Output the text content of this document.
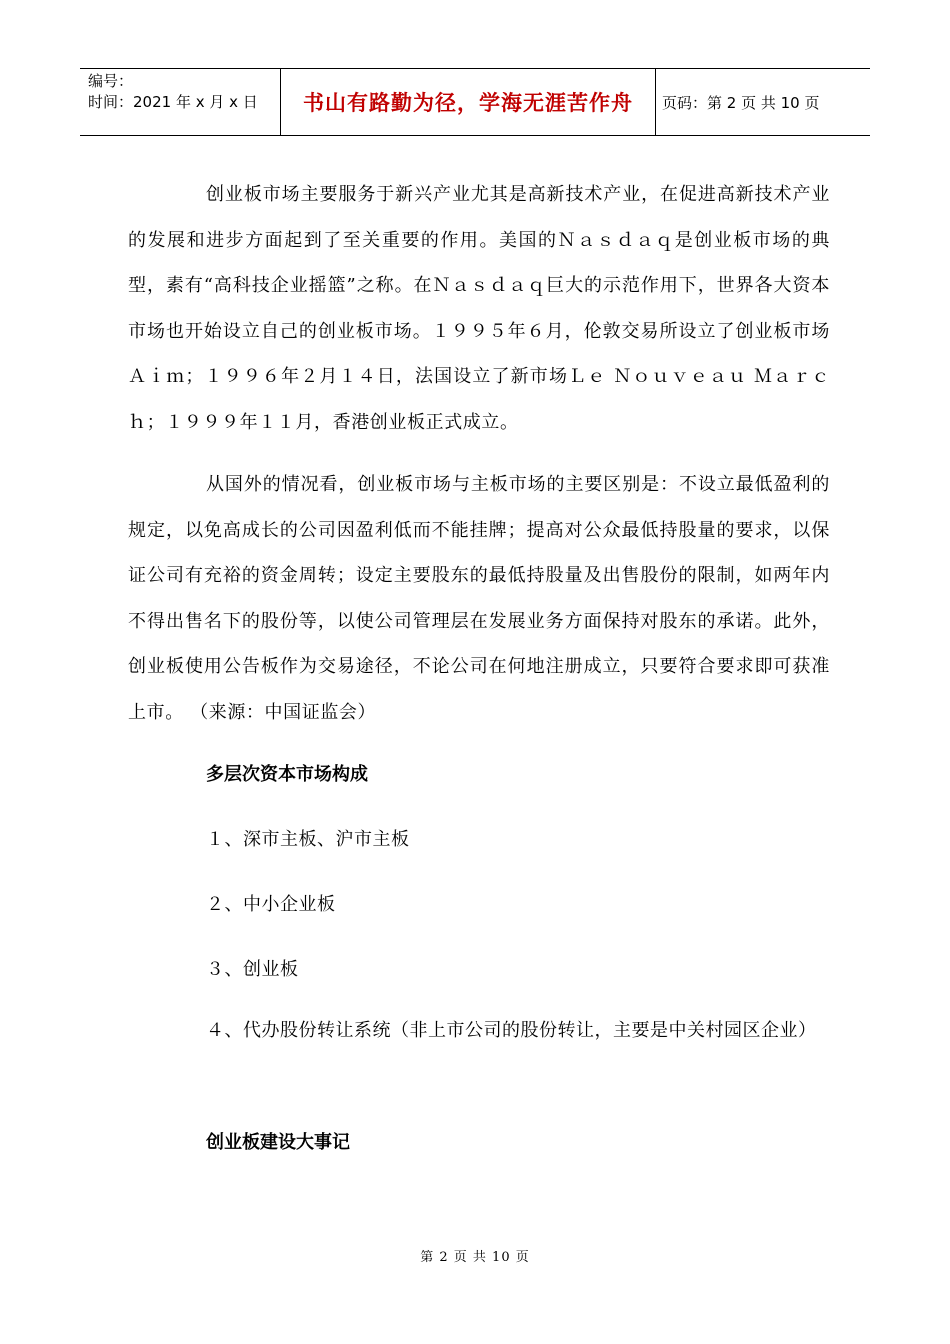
编号：
时间：2021 年 x 月 x 日	书山有路勤为径，学海无涯苦作舟	页码：第 2 页 共 10 页

创业板市场主要服务于新兴产业尤其是高新技术产业，在促进高新技术产业的发展和进步方面起到了至关重要的作用。美国的Ｎａｓｄａｑ是创业板市场的典型，素有“高科技企业摇篮”之称。在Ｎａｓｄａｑ巨大的示范作用下，世界各大资本市场也开始设立自己的创业板市场。１９９５年６月，伦敦交易所设立了创业板市场Ａｉｍ；１９９６年２月１４日，法国设立了新市场Ｌｅ Ｎｏｕｖｅａｕ Ｍａｒｃｈ；１９９９年１１月，香港创业板正式成立。

从国外的情况看，创业板市场与主板市场的主要区别是：不设立最低盈利的规定，以免高成长的公司因盈利低而不能挂牌；提高对公众最低持股量的要求，以保证公司有充裕的资金周转；设定主要股东的最低持股量及出售股份的限制，如两年内不得出售名下的股份等，以使公司管理层在发展业务方面保持对股东的承诺。此外，创业板使用公告板作为交易途径，不论公司在何地注册成立，只要符合要求即可获准上市。 （来源：中国证监会）

多层次资本市场构成
１、深市主板、沪市主板
２、中小企业板
３、创业板
４、代办股份转让系统（非上市公司的股份转让，主要是中关村园区企业）
创业板建设大事记
第 2 页 共 10 页
